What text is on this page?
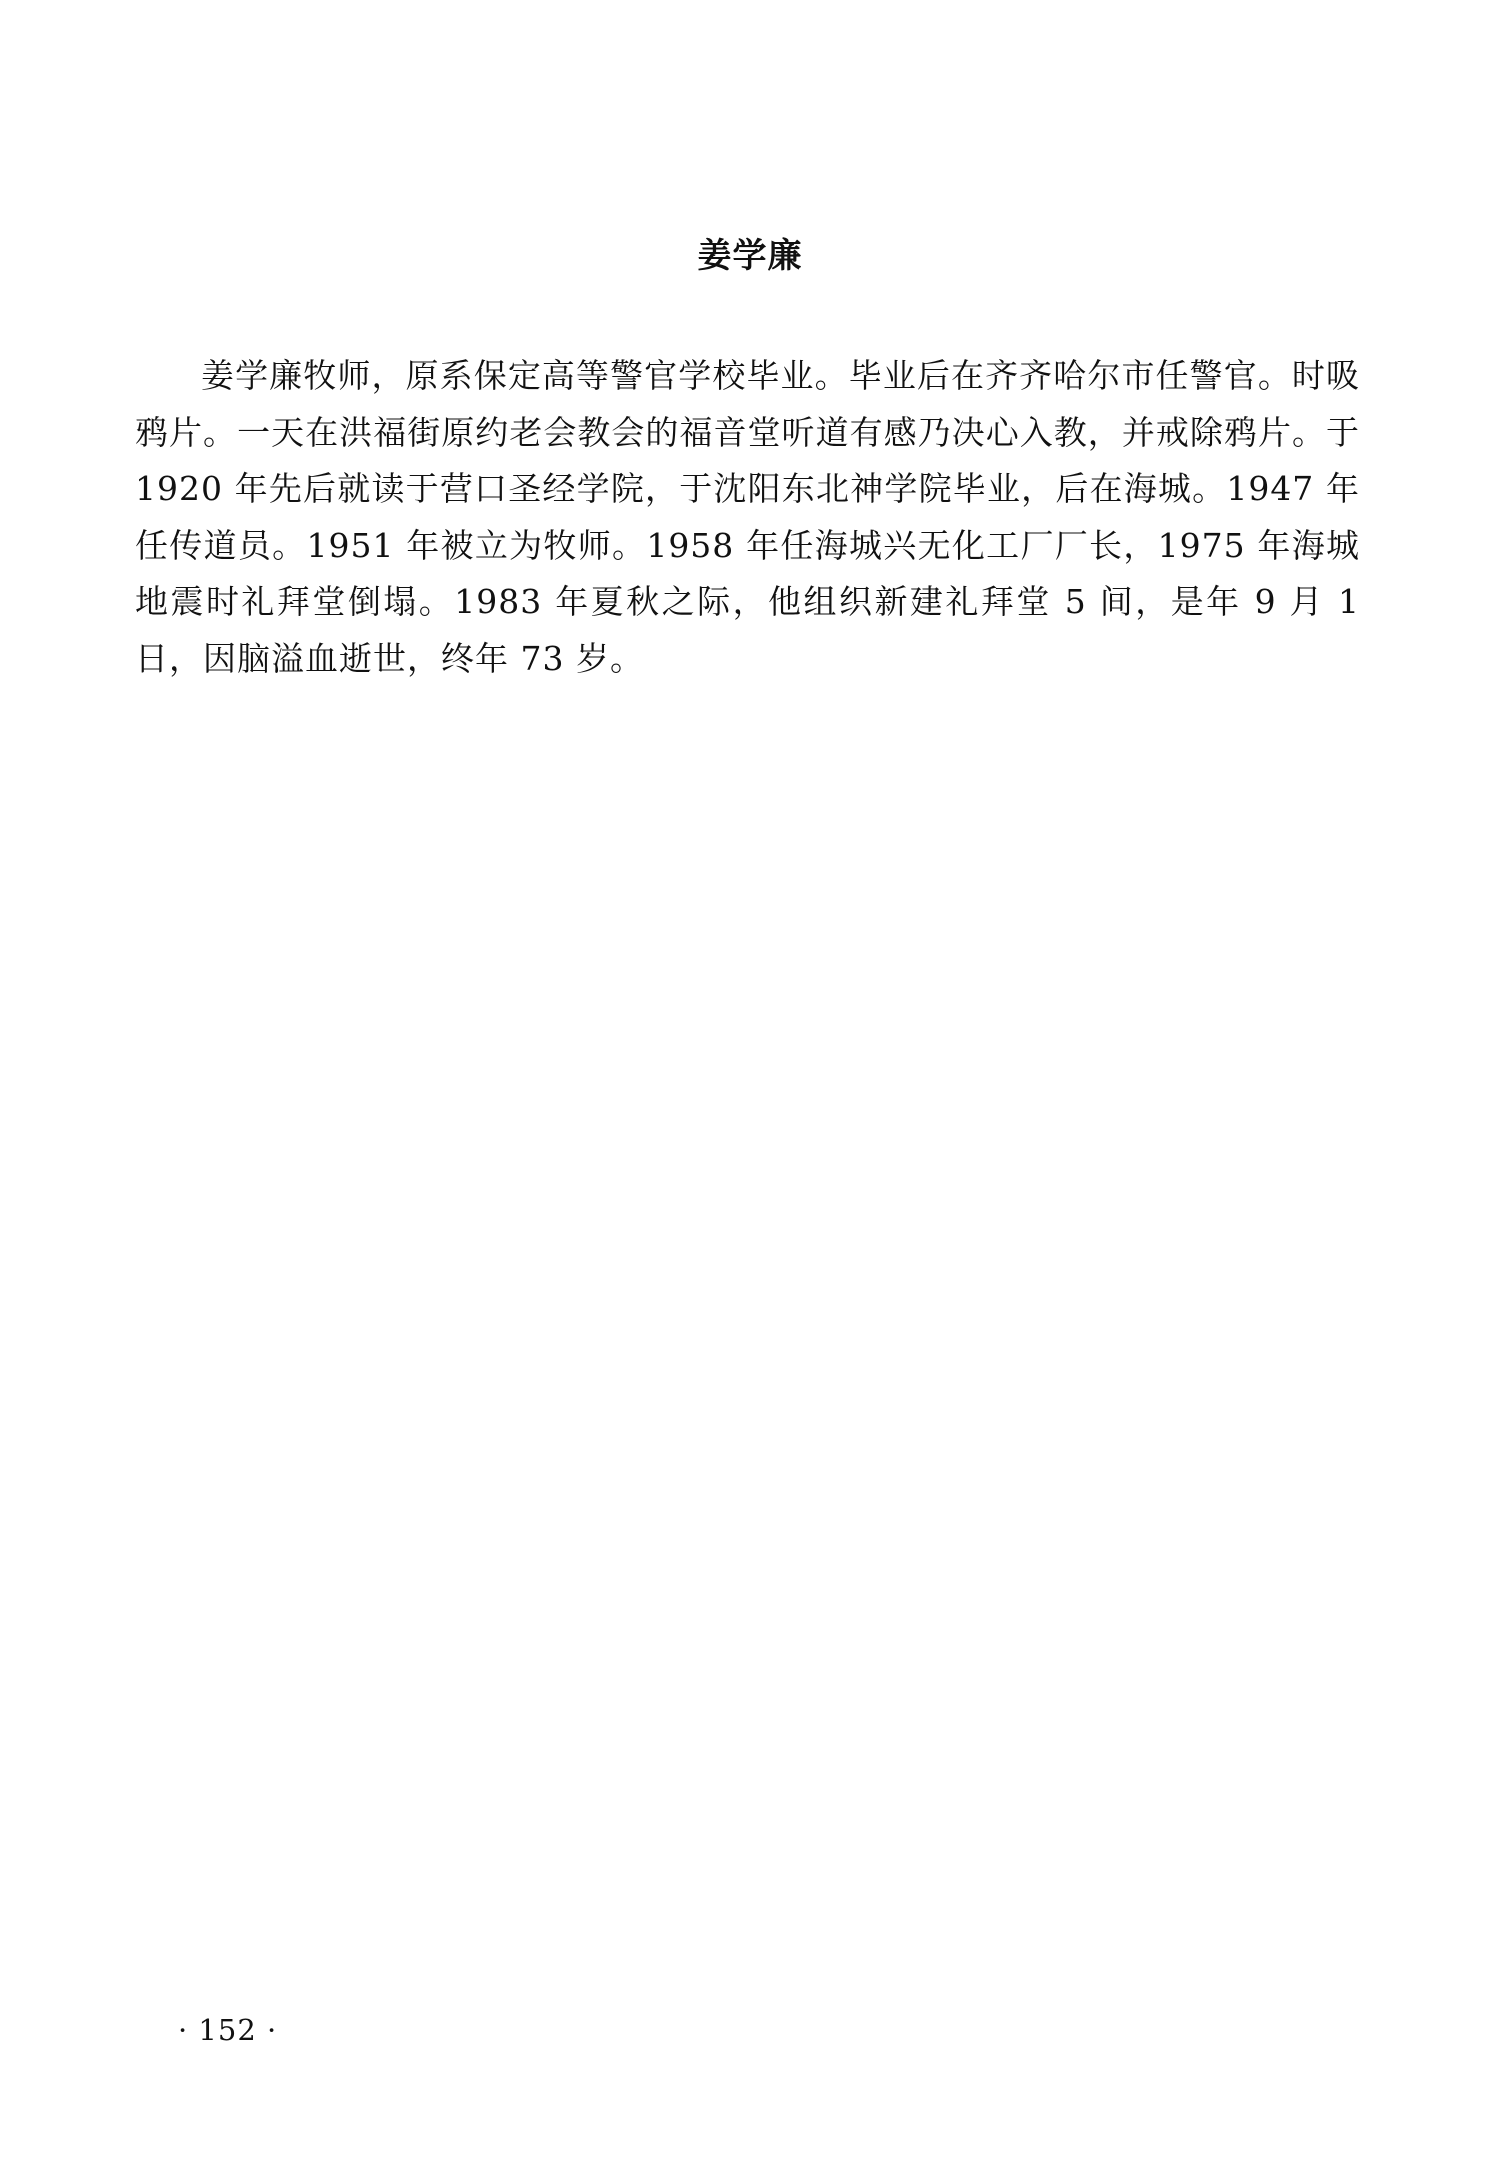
姜学廉

姜学廉牧师，原系保定高等警官学校毕业。毕业后在齐齐哈尔市任警官。时吸鸦片。一天在洪福街原约老会教会的福音堂听道有感乃决心入教，并戒除鸦片。于 1920 年先后就读于营口圣经学院，于沈阳东北神学院毕业，后在海城。1947 年任传道员。1951 年被立为牧师。1958 年任海城兴无化工厂厂长，1975 年海城地震时礼拜堂倒塌。1983 年夏秋之际，他组织新建礼拜堂 5 间，是年 9 月 1 日，因脑溢血逝世，终年 73 岁。

· 152 ·
